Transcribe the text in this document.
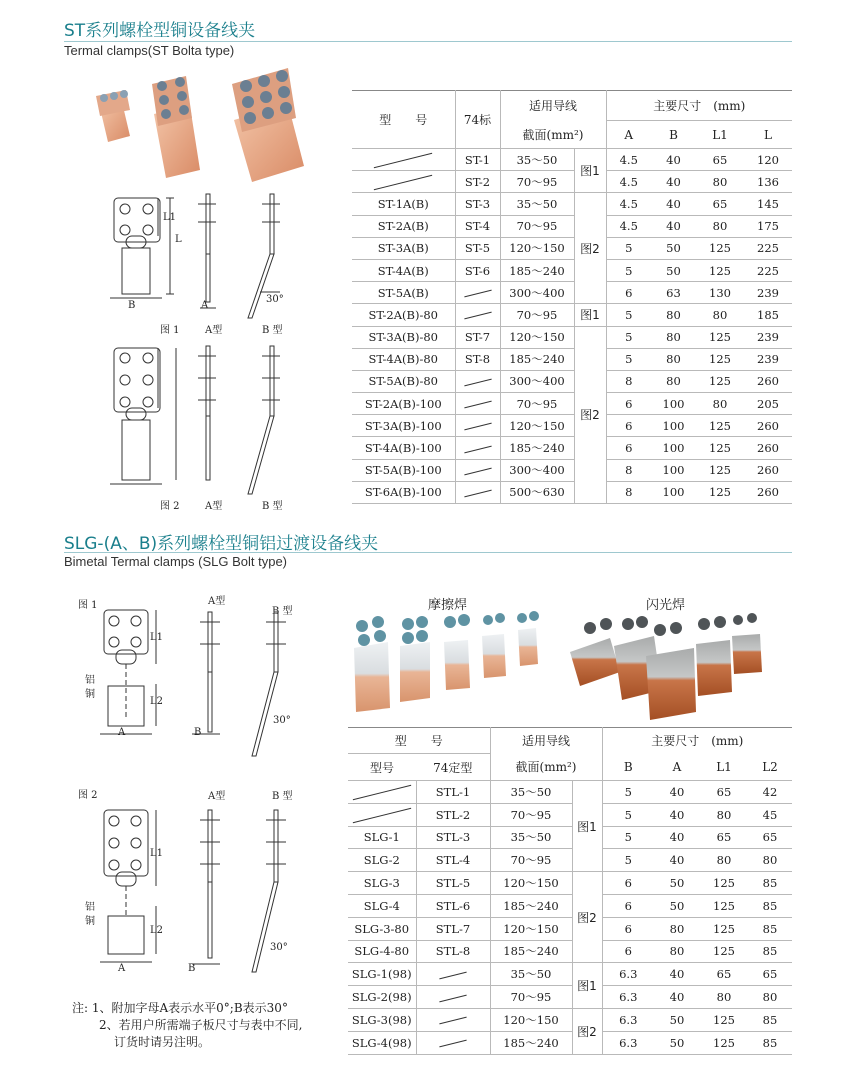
ST系列螺栓型铜设备线夹
Termal clamps(ST Bolta type)
B
L1
L
A
30°
图 1	A型	B 型
图 2	A型	B 型
型　　号	74标	适用导线		主要尺寸　(mm)			
		截面(mm²)		A	B	L1	L
	ST-1	35～50	图1	4.5	40	65	120
	ST-2	70～95		4.5	40	80	136
ST-1A(B)	ST-3	35～50	图2	4.5	40	65	145
ST-2A(B)	ST-4	70～95		4.5	40	80	175
ST-3A(B)	ST-5	120～150		5	50	125	225
ST-4A(B)	ST-6	185～240		5	50	125	225
ST-5A(B)		300～400		6	63	130	239
ST-2A(B)-80		70～95	图1	5	80	80	185
ST-3A(B)-80	ST-7	120～150	图2	5	80	125	239
ST-4A(B)-80	ST-8	185～240		5	80	125	239
ST-5A(B)-80		300～400		8	80	125	260
ST-2A(B)-100		70～95		6	100	80	205
ST-3A(B)-100		120～150		6	100	125	260
ST-4A(B)-100		185～240		6	100	125	260
ST-5A(B)-100		300～400		8	100	125	260
ST-6A(B)-100		500～630		8	100	125	260
SLG-(A、B)系列螺栓型铜铝过渡设备线夹
Bimetal Termal clamps (SLG Bolt type)
图 1	A型
B 型
铝
铜
L1
L2
A	B
30°
图 2	A型	B 型
铝
铜
L1
L2
A	B
30°
摩擦焊	闪光焊
型　　号		适用导线		主要尺寸　(mm)			
型号	74定型	截面(mm²)		B	A	L1	L2
	STL-1	35～50	图1	5	40	65	42
	STL-2	70～95		5	40	80	45
SLG-1	STL-3	35～50		5	40	65	65
SLG-2	STL-4	70～95		5	40	80	80
SLG-3	STL-5	120～150	图2	6	50	125	85
SLG-4	STL-6	185～240		6	50	125	85
SLG-3-80	STL-7	120～150		6	80	125	85
SLG-4-80	STL-8	185～240		6	80	125	85
SLG-1(98)		35～50	图1	6.3	40	65	65
SLG-2(98)		70～95		6.3	40	80	80
SLG-3(98)		120～150	图2	6.3	50	125	85
SLG-4(98)		185～240		6.3	50	125	85
注: 1、附加字母A表示水平0°;B表示30°
2、若用户所需端子板尺寸与表中不同,
订货时请另注明。
